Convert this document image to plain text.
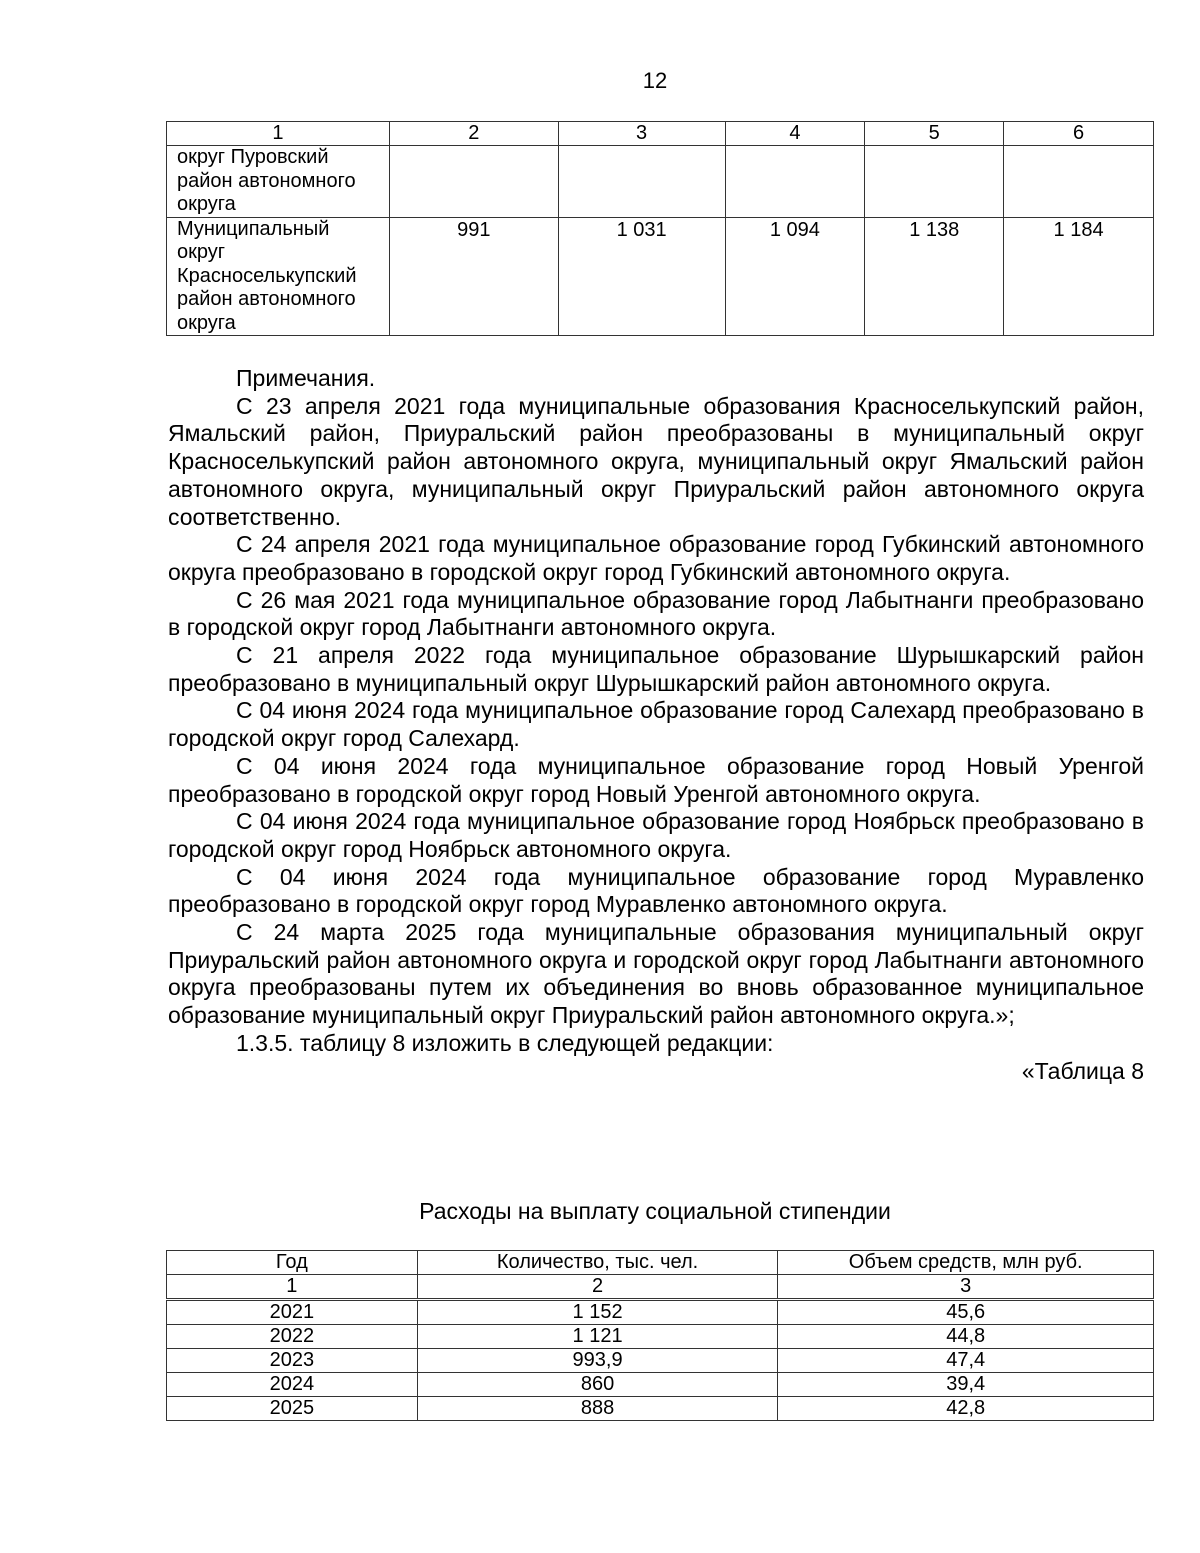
12
1	2	3	4	5	6

округ Пуровский
район автономного
округа					

Муниципальный
округ
Красноселькупский
район автономного
округа	991	1 031	1 094	1 138	1 184

Примечания.

С 23 апреля 2021 года муниципальные образования Красноселькупский район, Ямальский район, Приуральский район преобразованы в муниципальный округ Красноселькупский район автономного округа, муниципальный округ Ямальский район автономного округа, муниципальный округ Приуральский район автономного округа соответственно.

С 24 апреля 2021 года муниципальное образование город Губкинский автономного округа преобразовано в городской округ город Губкинский автономного округа.

С 26 мая 2021 года муниципальное образование город Лабытнанги преобразовано в городской округ город Лабытнанги автономного округа.

С 21 апреля 2022 года муниципальное образование Шурышкарский район преобразовано в муниципальный округ Шурышкарский район автономного округа.

С 04 июня 2024 года муниципальное образование город Салехард преобразовано в городской округ город Салехард.

С 04 июня 2024 года муниципальное образование город Новый Уренгой преобразовано в городской округ город Новый Уренгой автономного округа.

С 04 июня 2024 года муниципальное образование город Ноябрьск преобразовано в городской округ город Ноябрьск автономного округа.

С 04 июня 2024 года муниципальное образование город Муравленко преобразовано в городской округ город Муравленко автономного округа.

С 24 марта 2025 года муниципальные образования муниципальный округ Приуральский район автономного округа и городской округ город Лабытнанги автономного округа преобразованы путем их объединения во вновь образованное муниципальное образование муниципальный округ Приуральский район автономного округа.»;

1.3.5. таблицу 8 изложить в следующей редакции:

«Таблица 8

Расходы на выплату социальной стипендии
Год	Количество, тыс. чел.	Объем средств, млн руб.
1	2	3
2021	1 152	45,6
2022	1 121	44,8
2023	993,9	47,4
2024	860	39,4
2025	888	42,8
